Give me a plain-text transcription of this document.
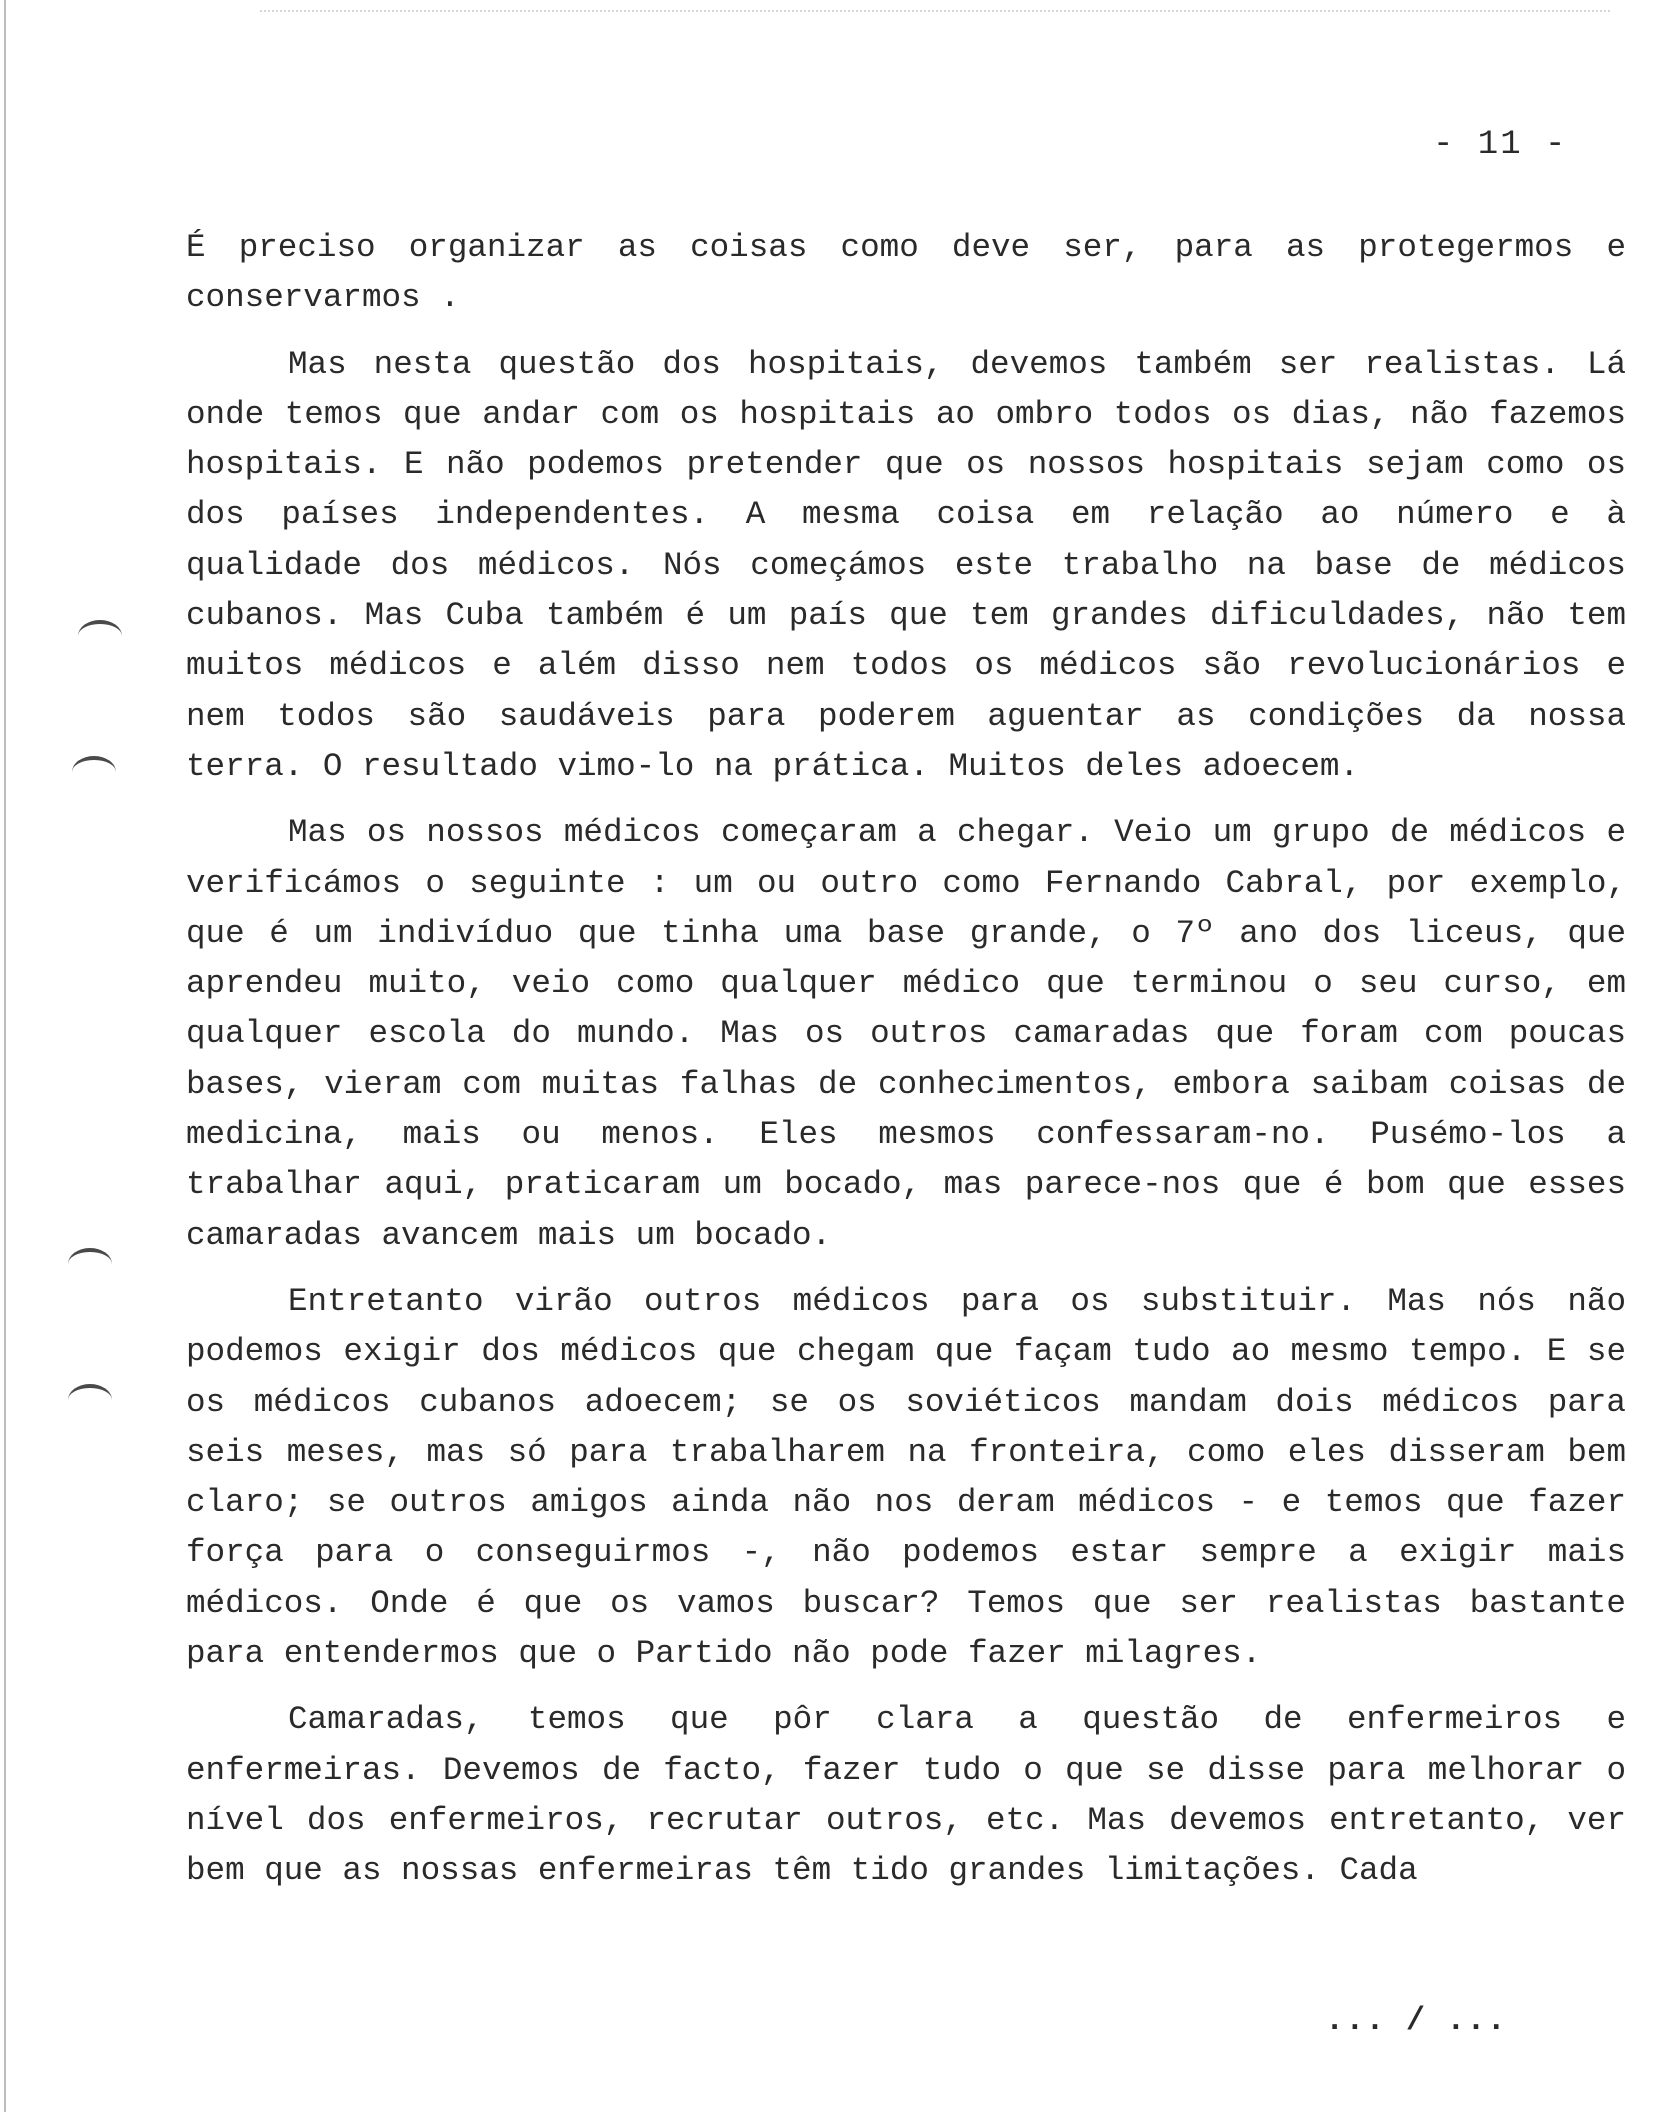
- 11 -

É preciso organizar as coisas como deve ser, para as protegermos e conservarmos .

Mas nesta questão dos hospitais, devemos também ser realistas. Lá onde temos que andar com os hospitais ao ombro todos os dias, não fazemos hospitais. E não podemos pretender que os nossos hospitais sejam como os dos países independentes. A mesma coisa em relação ao número e à qualidade dos médicos. Nós começámos este trabalho na base de médicos cubanos. Mas Cuba também é um país que tem grandes dificuldades, não tem muitos médicos e além disso nem todos os médicos são revolucionários e nem todos são saudáveis para poderem aguentar as condições da nossa terra. O resultado vimo-lo na prática. Muitos deles adoecem.

Mas os nossos médicos começaram a chegar. Veio um grupo de médicos e verificámos o seguinte : um ou outro como Fernando Cabral, por exemplo, que é um indivíduo que tinha uma base grande, o 7º ano dos liceus, que aprendeu muito, veio como qualquer médico que terminou o seu curso, em qualquer escola do mundo. Mas os outros camaradas que foram com poucas bases, vieram com muitas falhas de conhecimentos, embora saibam coisas de medicina, mais ou menos. Eles mesmos confessaram-no. Pusémo-los a trabalhar aqui, praticaram um bocado, mas parece-nos que é bom que esses camaradas avancem mais um bocado.

Entretanto virão outros médicos para os substituir. Mas nós não podemos exigir dos médicos que chegam que façam tudo ao mesmo tempo. E se os médicos cubanos adoecem; se os soviéticos mandam dois médicos para seis meses, mas só para trabalharem na fronteira, como eles disseram bem claro; se outros amigos ainda não nos deram médicos - e temos que fazer força para o conseguirmos -, não podemos estar sempre a exigir mais médicos. Onde é que os vamos buscar? Temos que ser realistas bastante para entendermos que o Partido não pode fazer milagres.

Camaradas, temos que pôr clara a questão de enfermeiros e enfermeiras. Devemos de facto, fazer tudo o que se disse para melhorar o nível dos enfermeiros, recrutar outros, etc. Mas devemos entretanto, ver bem que as nossas enfermeiras têm tido grandes limitações. Cada

... / ...
